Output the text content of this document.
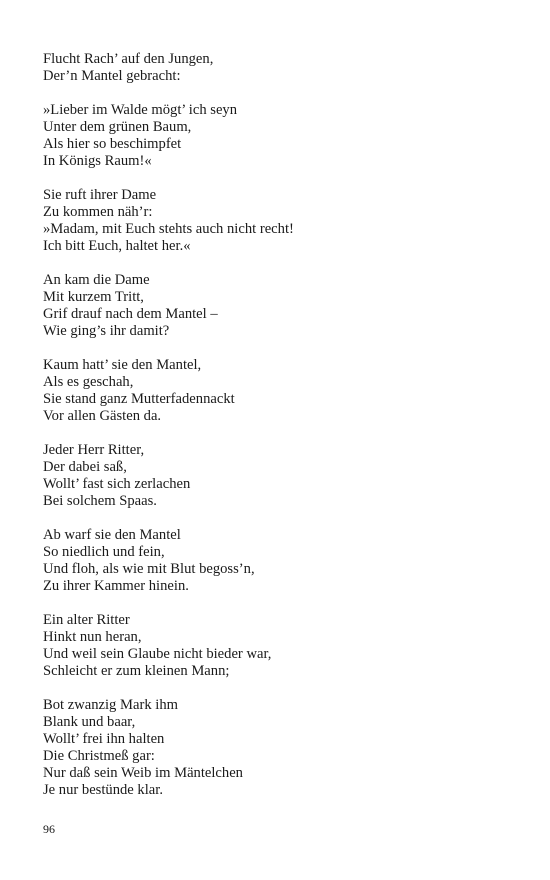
Flucht Rach’ auf den Jungen,
Der’n Mantel gebracht:
»Lieber im Walde mögt’ ich seyn
Unter dem grünen Baum,
Als hier so beschimpfet
In Königs Raum!«
Sie ruft ihrer Dame
Zu kommen näh’r:
»Madam, mit Euch stehts auch nicht recht!
Ich bitt Euch, haltet her.«
An kam die Dame
Mit kurzem Tritt,
Grif drauf nach dem Mantel –
Wie ging’s ihr damit?
Kaum hatt’ sie den Mantel,
Als es geschah,
Sie stand ganz Mutterfadennackt
Vor allen Gästen da.
Jeder Herr Ritter,
Der dabei saß,
Wollt’ fast sich zerlachen
Bei solchem Spaas.
Ab warf sie den Mantel
So niedlich und fein,
Und floh, als wie mit Blut begoss’n,
Zu ihrer Kammer hinein.
Ein alter Ritter
Hinkt nun heran,
Und weil sein Glaube nicht bieder war,
Schleicht er zum kleinen Mann;
Bot zwanzig Mark ihm
Blank und baar,
Wollt’ frei ihn halten
Die Christmeß gar:
Nur daß sein Weib im Mäntelchen
Je nur bestünde klar.
96
